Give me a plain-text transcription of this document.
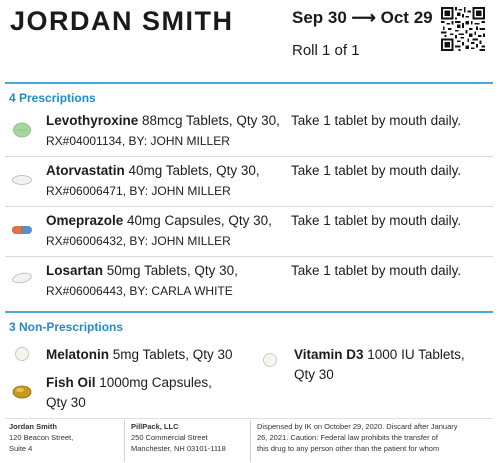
JORDAN SMITH	Sep 30 ⟶ Oct 29
Roll 1 of 1
4 Prescriptions
Levothyroxine 88mcg Tablets, Qty 30,
RX#04001134, BY: JOHN MILLER
Take 1 tablet by mouth daily.
Atorvastatin 40mg Tablets, Qty 30,
RX#06006471, BY: JOHN MILLER
Take 1 tablet by mouth daily.
Omeprazole 40mg Capsules, Qty 30,
RX#06006432, BY: JOHN MILLER
Take 1 tablet by mouth daily.
Losartan 50mg Tablets, Qty 30,
RX#06006443, BY: CARLA WHITE
Take 1 tablet by mouth daily.
3 Non-Prescriptions
Melatonin 5mg Tablets, Qty 30	Vitamin D3 1000 IU Tablets,
Qty 30
Fish Oil 1000mg Capsules,
Qty 30
Jordan Smith
120 Beacon Street,
Suite 4
PillPack, LLC
250 Commercial Street
Manchester, NH 03101-1118
Dispensed by IK on October 29, 2020. Discard after January
26, 2021. Caution: Federal law prohibits the transfer of
this drug to any person other than the patient for whom
